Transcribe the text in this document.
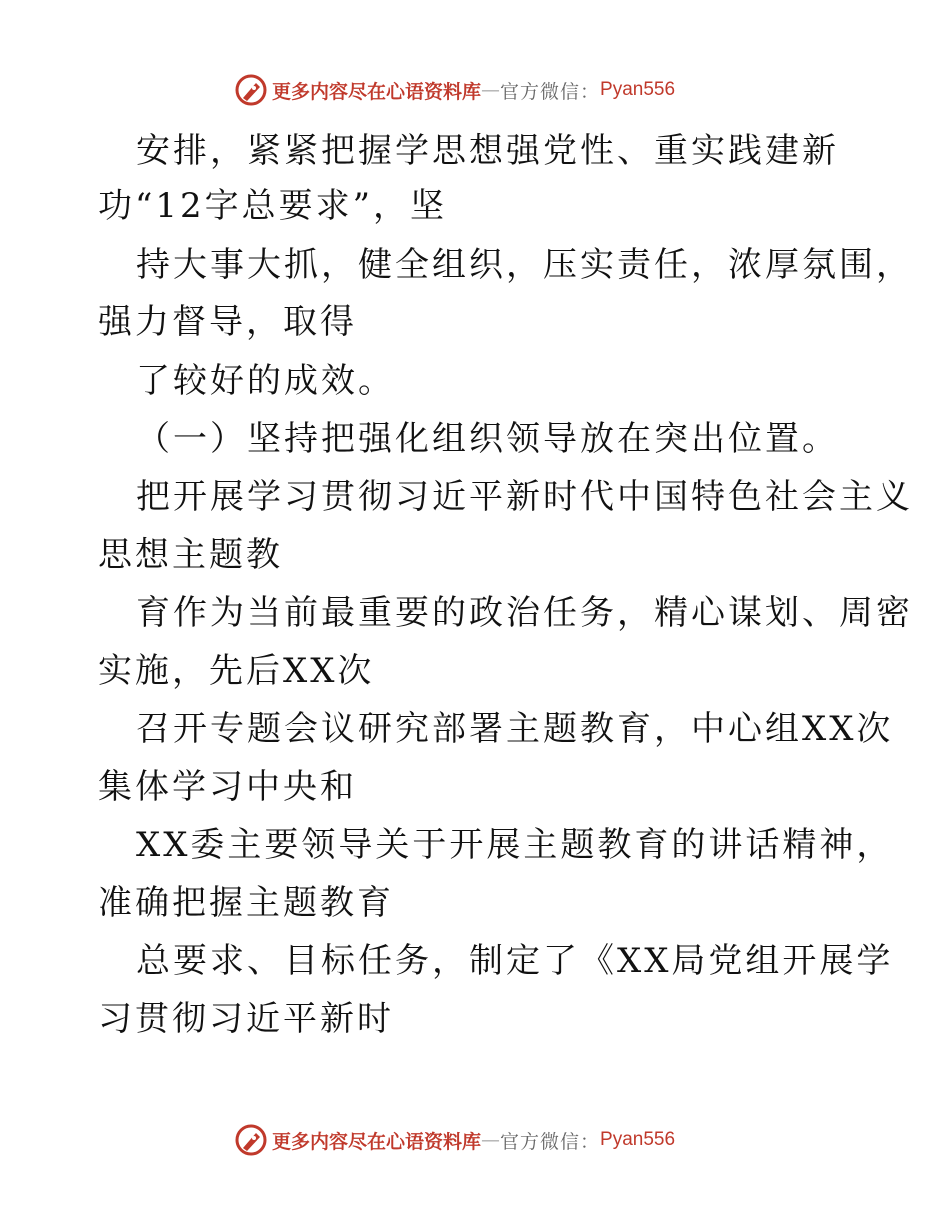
更多内容尽在心语资料库 — 官方微信： Pyan556
安排，紧紧把握学思想强党性、重实践建新
功“12字总要求”，坚
持大事大抓，健全组织，压实责任，浓厚氛围，
强力督导，取得
了较好的成效。
（一）坚持把强化组织领导放在突出位置。
把开展学习贯彻习近平新时代中国特色社会主义
思想主题教
育作为当前最重要的政治任务，精心谋划、周密
实施，先后XX次
召开专题会议研究部署主题教育，中心组XX次
集体学习中央和
XX委主要领导关于开展主题教育的讲话精神，
准确把握主题教育
总要求、目标任务，制定了《XX局党组开展学
习贯彻习近平新时
更多内容尽在心语资料库 — 官方微信： Pyan556
